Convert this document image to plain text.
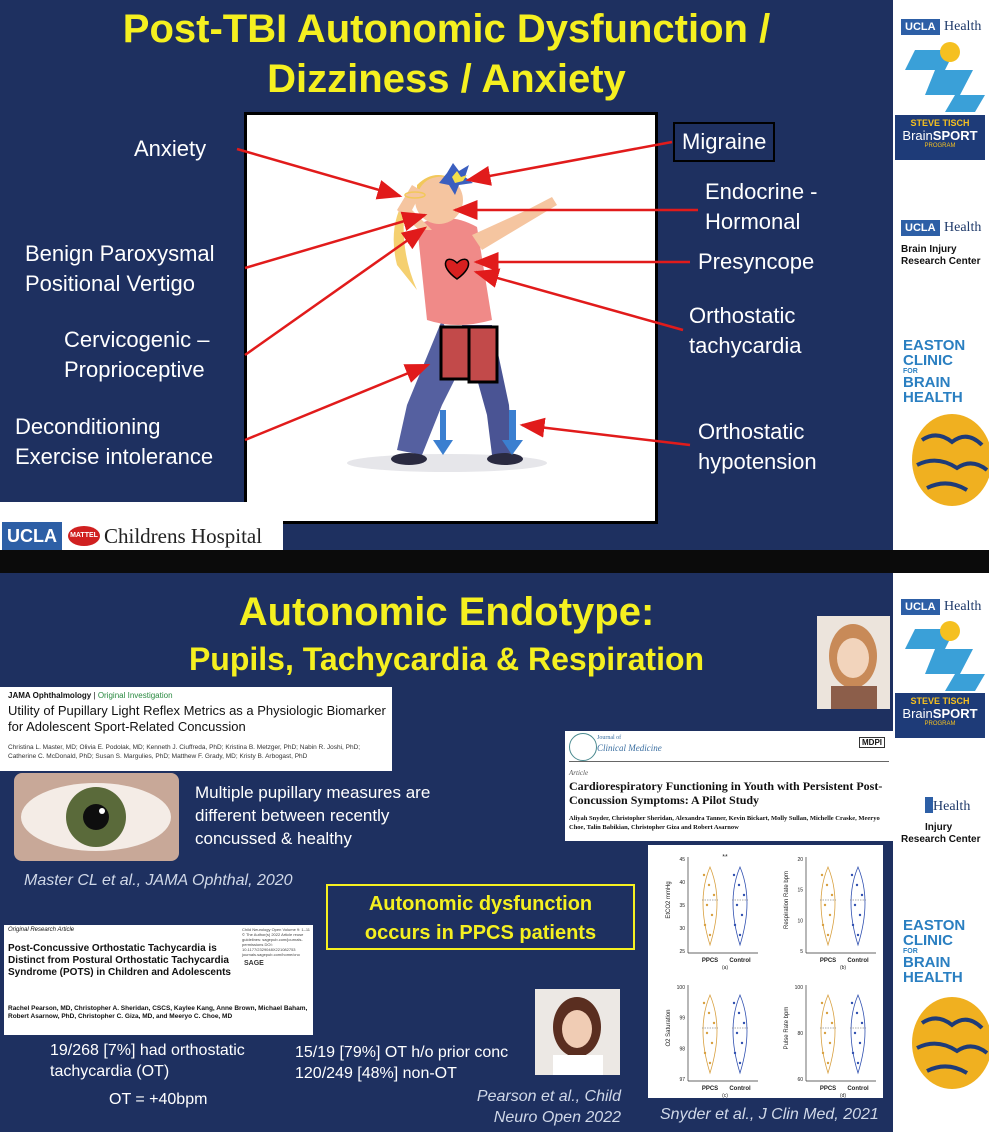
Post-TBI Autonomic Dysfunction /
Dizziness / Anxiety
Anxiety
Benign Paroxysmal
Positional Vertigo
Cervicogenic –
Proprioceptive
Deconditioning
Exercise intolerance
Migraine
Endocrine -
Hormonal
Presyncope
Orthostatic
tachycardia
Orthostatic
hypotension
UCLA	MATTEL Childrens Hospital
UCLA Health
STEVE TISCH
BrainSPORT
PROGRAM
UCLA Health
Brain Injury
Research Center
EASTON
CLINIC
FOR
BRAIN
HEALTH
Autonomic Endotype:
Pupils, Tachycardia & Respiration
JAMA Ophthalmology | Original Investigation
Utility of Pupillary Light Reflex Metrics as a Physiologic Biomarker for Adolescent Sport-Related Concussion
Christina L. Master, MD; Olivia E. Podolak, MD; Kenneth J. Ciuffreda, PhD; Kristina B. Metzger, PhD; Nabin R. Joshi, PhD; Catherine C. McDonald, PhD; Susan S. Margulies, PhD; Matthew F. Grady, MD; Kristy B. Arbogast, PhD
Multiple pupillary measures are
different between recently
concussed & healthy
Master CL et al., JAMA Ophthal, 2020
Autonomic dysfunction
occurs in PPCS patients
Original Research Article	Child Neurology Open Volume 9: 1–11 © The Author(s) 2022 Article reuse guidelines: sagepub.com/journals-permissions DOI: 10.1177/2329048X221082753 journals.sagepub.com/home/cno
SAGE
Post-Concussive Orthostatic Tachycardia is Distinct from Postural Orthostatic Tachycardia Syndrome (POTS) in Children and Adolescents
Rachel Pearson, MD, Christopher A. Sheridan, CSCS, Kaylee Kang, Anne Brown, Michael Baham, Robert Asarnow, PhD, Christopher C. Giza, MD, and Meeryo C. Choe, MD
19/268 [7%] had orthostatic
tachycardia (OT)
OT = +40bpm
15/19 [79%] OT h/o prior conc
120/249 [48%] non-OT
Pearson et al., Child
Neuro Open 2022
Journal of
Clinical Medicine
MDPI
Article
Cardiorespiratory Functioning in Youth with Persistent Post-Concussion Symptoms: A Pilot Study
Aliyah Snyder, Christopher Sheridan, Alexandra Tanner, Kevin Bickart, Molly Sullan, Michelle Craske, Meeryo Choe, Talin Babikian, Christopher Giza and Robert Asarnow
EtCO2 mmHg
45
40
35
30
25
PPCS Control
(a)
**
Respiration Rate bpm
20
15
10
5
PPCS Control
(b)
O2 Saturation
100
99
98
97
PPCS Control
(c)
Pulse Rate bpm
100
80
60
PPCS Control
(d)
Snyder et al., J Clin Med, 2021
UCLA Health
STEVE TISCH
BrainSPORT
PROGRAM
Health
Injury
Research Center
EASTON
CLINIC
FOR
BRAIN
HEALTH
